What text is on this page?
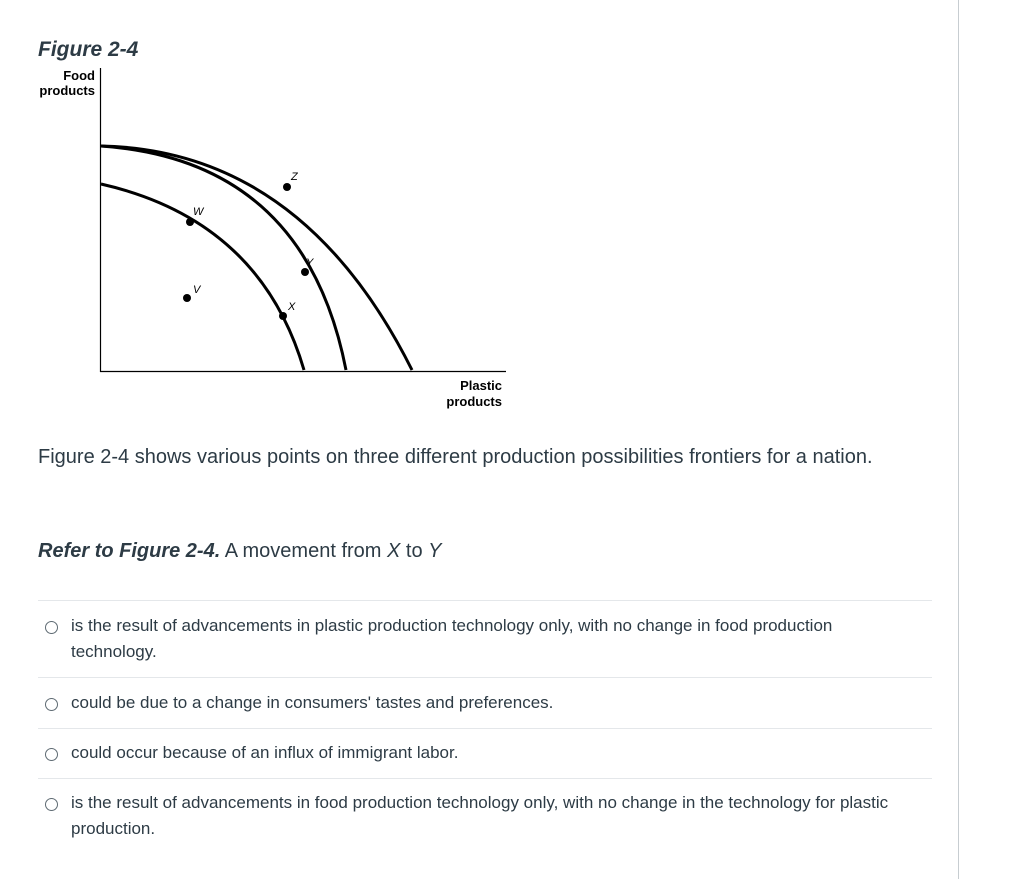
Figure 2-4
Food
products
Plastic
products
V
W
X
Y
Z
Figure 2-4 shows various points on three different production possibilities frontiers for a nation.
Refer to Figure 2-4. A movement from X to Y
is the result of advancements in plastic production technology only, with no change in food production technology.
could be due to a change in consumers' tastes and preferences.
could occur because of an influx of immigrant labor.
is the result of advancements in food production technology only, with no change in the technology for plastic production.
